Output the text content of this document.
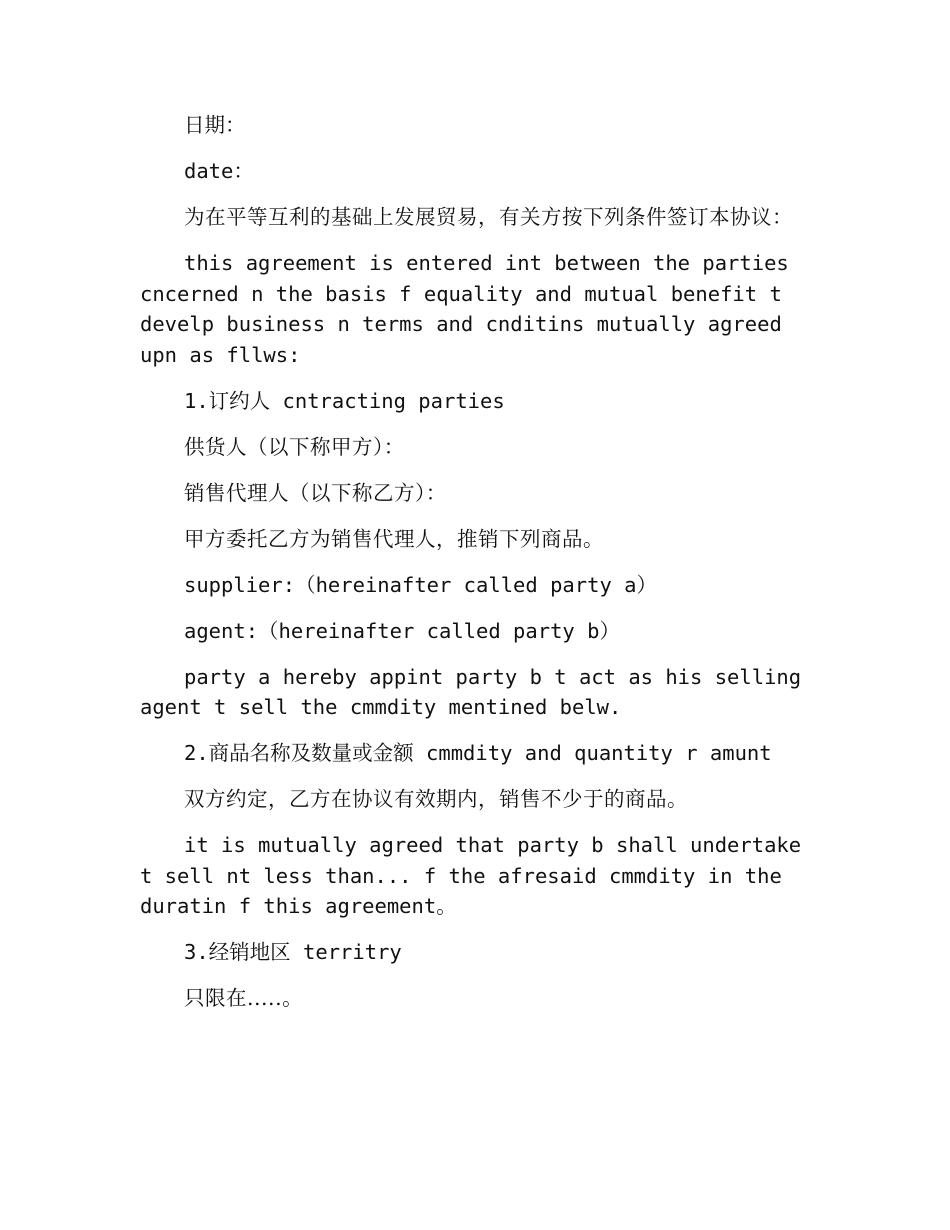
日期：

date：

为在平等互利的基础上发展贸易，有关方按下列条件签订本协议：

this agreement is entered int between the parties cncerned n the basis f equality and mutual benefit t develp business n terms and cnditins mutually agreed upn as fllws:

1.订约人 cntracting parties

供货人（以下称甲方）：

销售代理人（以下称乙方）：

甲方委托乙方为销售代理人，推销下列商品。

supplier:（hereinafter called party a）

agent:（hereinafter called party b）

party a hereby appint party b t act as his selling agent t sell the cmmdity mentined belw.

2.商品名称及数量或金额 cmmdity and quantity r amunt

双方约定，乙方在协议有效期内，销售不少于的商品。

it is mutually agreed that party b shall undertake t sell nt less than... f the afresaid cmmdity in the duratin f this agreement。

3.经销地区 territry

只限在.....。
